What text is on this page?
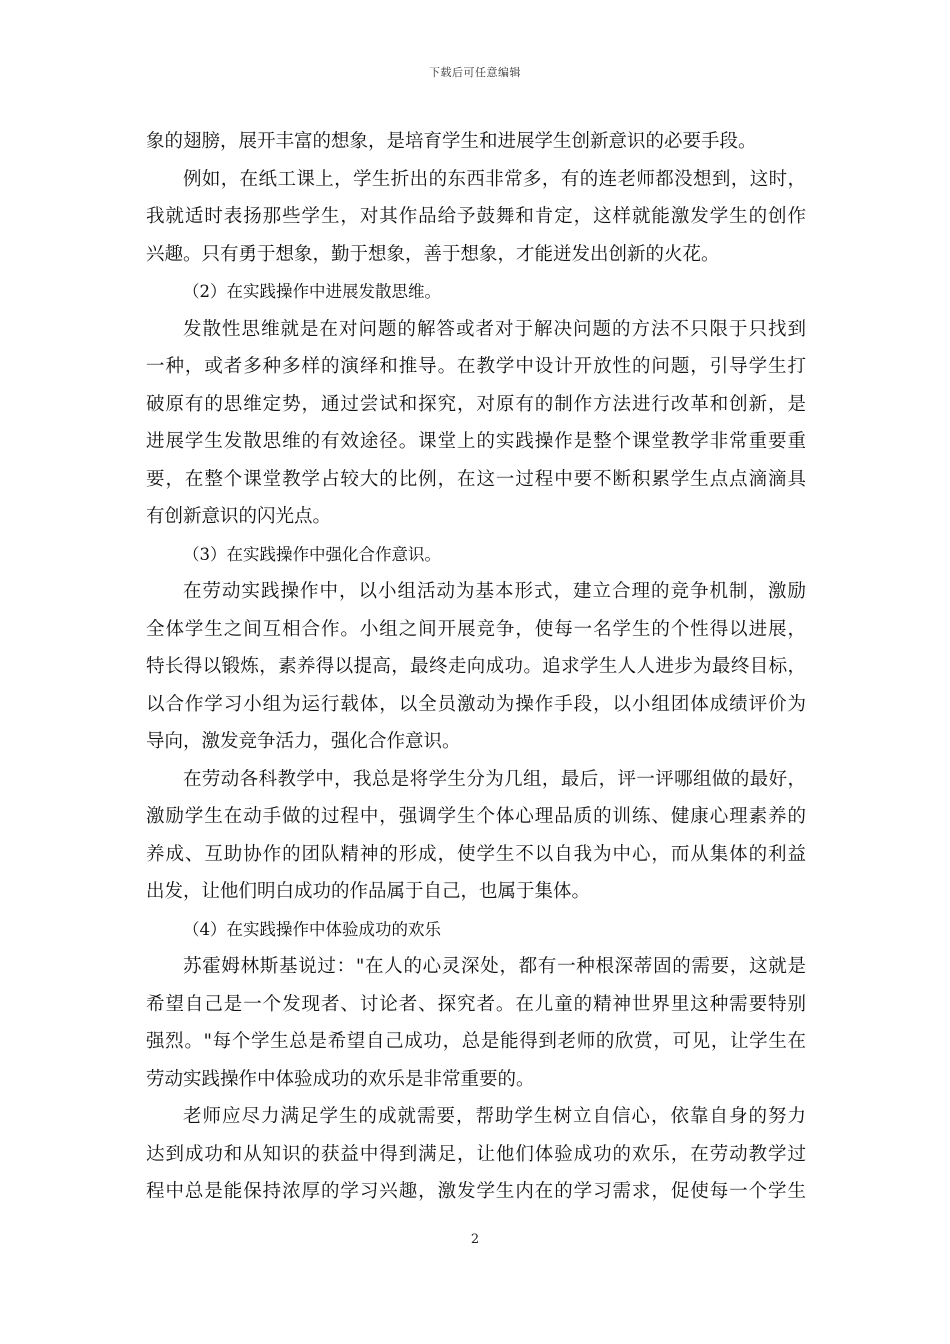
下载后可任意编辑
象的翅膀，展开丰富的想象，是培育学生和进展学生创新意识的必要手段。
例如，在纸工课上，学生折出的东西非常多，有的连老师都没想到，这时，
我就适时表扬那些学生，对其作品给予鼓舞和肯定，这样就能激发学生的创作
兴趣。只有勇于想象，勤于想象，善于想象，才能迸发出创新的火花。
（2）在实践操作中进展发散思维。
发散性思维就是在对问题的解答或者对于解决问题的方法不只限于只找到
一种，或者多种多样的演绎和推导。在教学中设计开放性的问题，引导学生打
破原有的思维定势，通过尝试和探究，对原有的制作方法进行改革和创新，是
进展学生发散思维的有效途径。课堂上的实践操作是整个课堂教学非常重要重
要，在整个课堂教学占较大的比例，在这一过程中要不断积累学生点点滴滴具
有创新意识的闪光点。
（3）在实践操作中强化合作意识。
在劳动实践操作中，以小组活动为基本形式，建立合理的竞争机制，激励
全体学生之间互相合作。小组之间开展竞争，使每一名学生的个性得以进展，
特长得以锻炼，素养得以提高，最终走向成功。追求学生人人进步为最终目标，
以合作学习小组为运行载体，以全员激动为操作手段，以小组团体成绩评价为
导向，激发竞争活力，强化合作意识。
在劳动各科教学中，我总是将学生分为几组，最后，评一评哪组做的最好，
激励学生在动手做的过程中，强调学生个体心理品质的训练、健康心理素养的
养成、互助协作的团队精神的形成，使学生不以自我为中心，而从集体的利益
出发，让他们明白成功的作品属于自己，也属于集体。
（4）在实践操作中体验成功的欢乐
苏霍姆林斯基说过："在人的心灵深处，都有一种根深蒂固的需要，这就是
希望自己是一个发现者、讨论者、探究者。在儿童的精神世界里这种需要特别
强烈。"每个学生总是希望自己成功，总是能得到老师的欣赏，可见，让学生在
劳动实践操作中体验成功的欢乐是非常重要的。
老师应尽力满足学生的成就需要，帮助学生树立自信心，依靠自身的努力
达到成功和从知识的获益中得到满足，让他们体验成功的欢乐，在劳动教学过
程中总是能保持浓厚的学习兴趣，激发学生内在的学习需求，促使每一个学生
2
